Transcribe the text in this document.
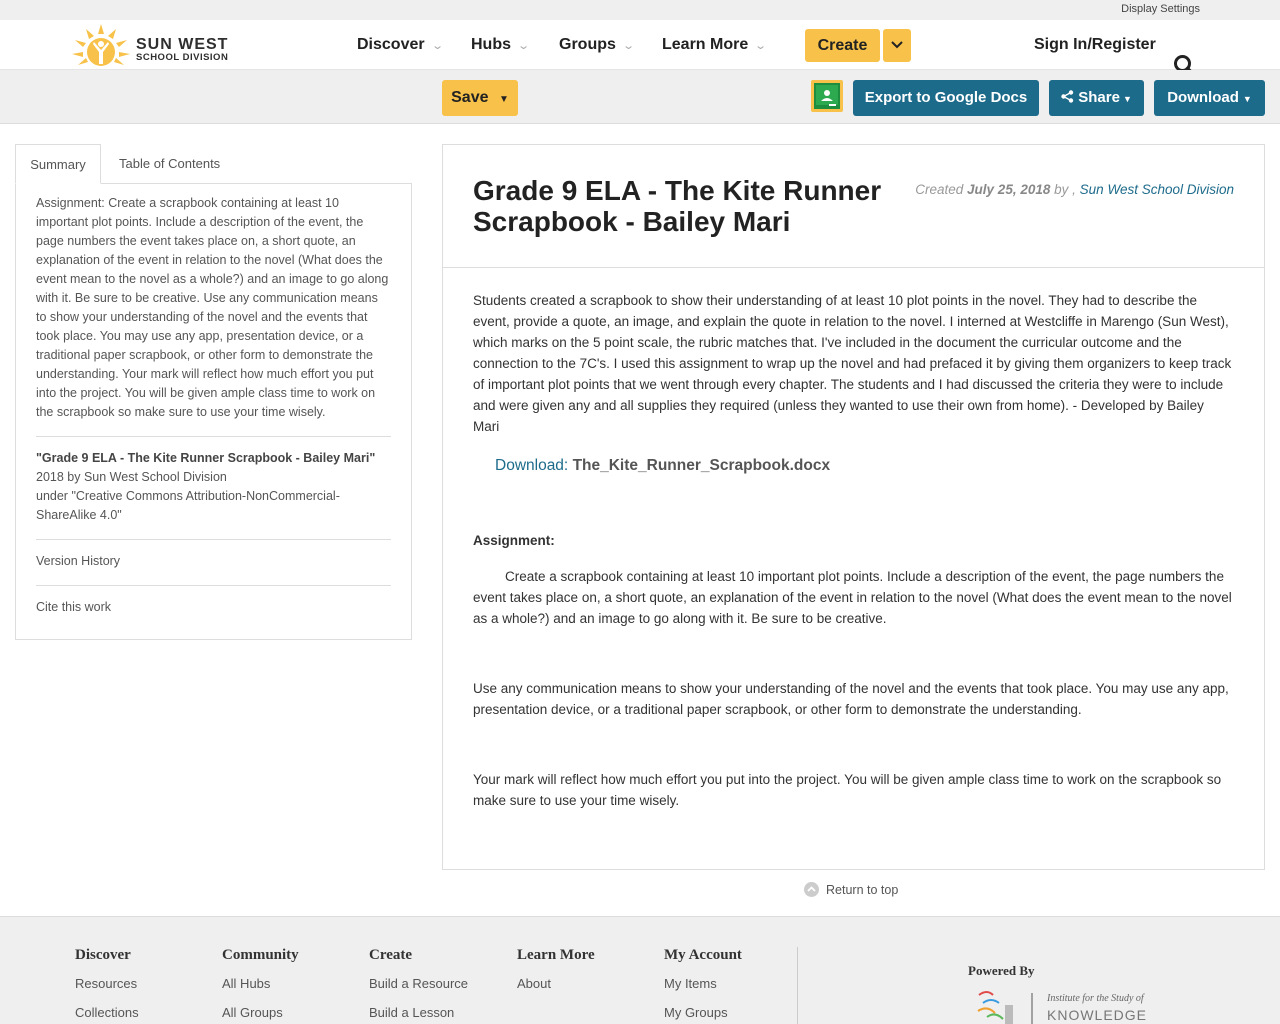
Display Settings
SUN WEST
SCHOOL DIVISION
Discover ⌄ Hubs ⌄ Groups ⌄ Learn More ⌄	Create	Sign In/Register
Save ▼	Export to Google Docs	Share ▼	Download ▼
Summary	Table of Contents

Assignment: Create a scrapbook containing at least 10 important plot points. Include a description of the event, the page numbers the event takes place on, a short quote, an explanation of the event in relation to the novel (What does the event mean to the novel as a whole?) and an image to go along with it. Be sure to be creative. Use any communication means to show your understanding of the novel and the events that took place. You may use any app, presentation device, or a traditional paper scrapbook, or other form to demonstrate the understanding. Your mark will reflect how much effort you put into the project. You will be given ample class time to work on the scrapbook so make sure to use your time wisely.

"Grade 9 ELA - The Kite Runner Scrapbook - Bailey Mari"

2018 by Sun West School Division

under "Creative Commons Attribution-NonCommercial-ShareAlike 4.0"

Version History

Cite this work

Grade 9 ELA - The Kite Runner Scrapbook - Bailey Mari
Created July 25, 2018 by , Sun West School Division

Students created a scrapbook to show their understanding of at least 10 plot points in the novel. They had to describe the event, provide a quote, an image, and explain the quote in relation to the novel. I interned at Westcliffe in Marengo (Sun West), which marks on the 5 point scale, the rubric matches that. I've included in the document the curricular outcome and the connection to the 7C's. I used this assignment to wrap up the novel and had prefaced it by giving them organizers to keep track of important plot points that we went through every chapter. The students and I had discussed the criteria they were to include and were given any and all supplies they required (unless they wanted to use their own from home). - Developed by Bailey Mari

Download: The_Kite_Runner_Scrapbook.docx

Assignment:

Create a scrapbook containing at least 10 important plot points. Include a description of the event, the page numbers the event takes place on, a short quote, an explanation of the event in relation to the novel (What does the event mean to the novel as a whole?) and an image to go along with it. Be sure to be creative.

Use any communication means to show your understanding of the novel and the events that took place. You may use any app, presentation device, or a traditional paper scrapbook, or other form to demonstrate the understanding.

Your mark will reflect how much effort you put into the project. You will be given ample class time to work on the scrapbook so make sure to use your time wisely.

Return to top
Discover
Resources
Collections
Community
All Hubs
All Groups
Create
Build a Resource
Build a Lesson
Learn More
About
My Account
My Items
My Groups
Powered By
Institute for the Study of
KNOWLEDGE
